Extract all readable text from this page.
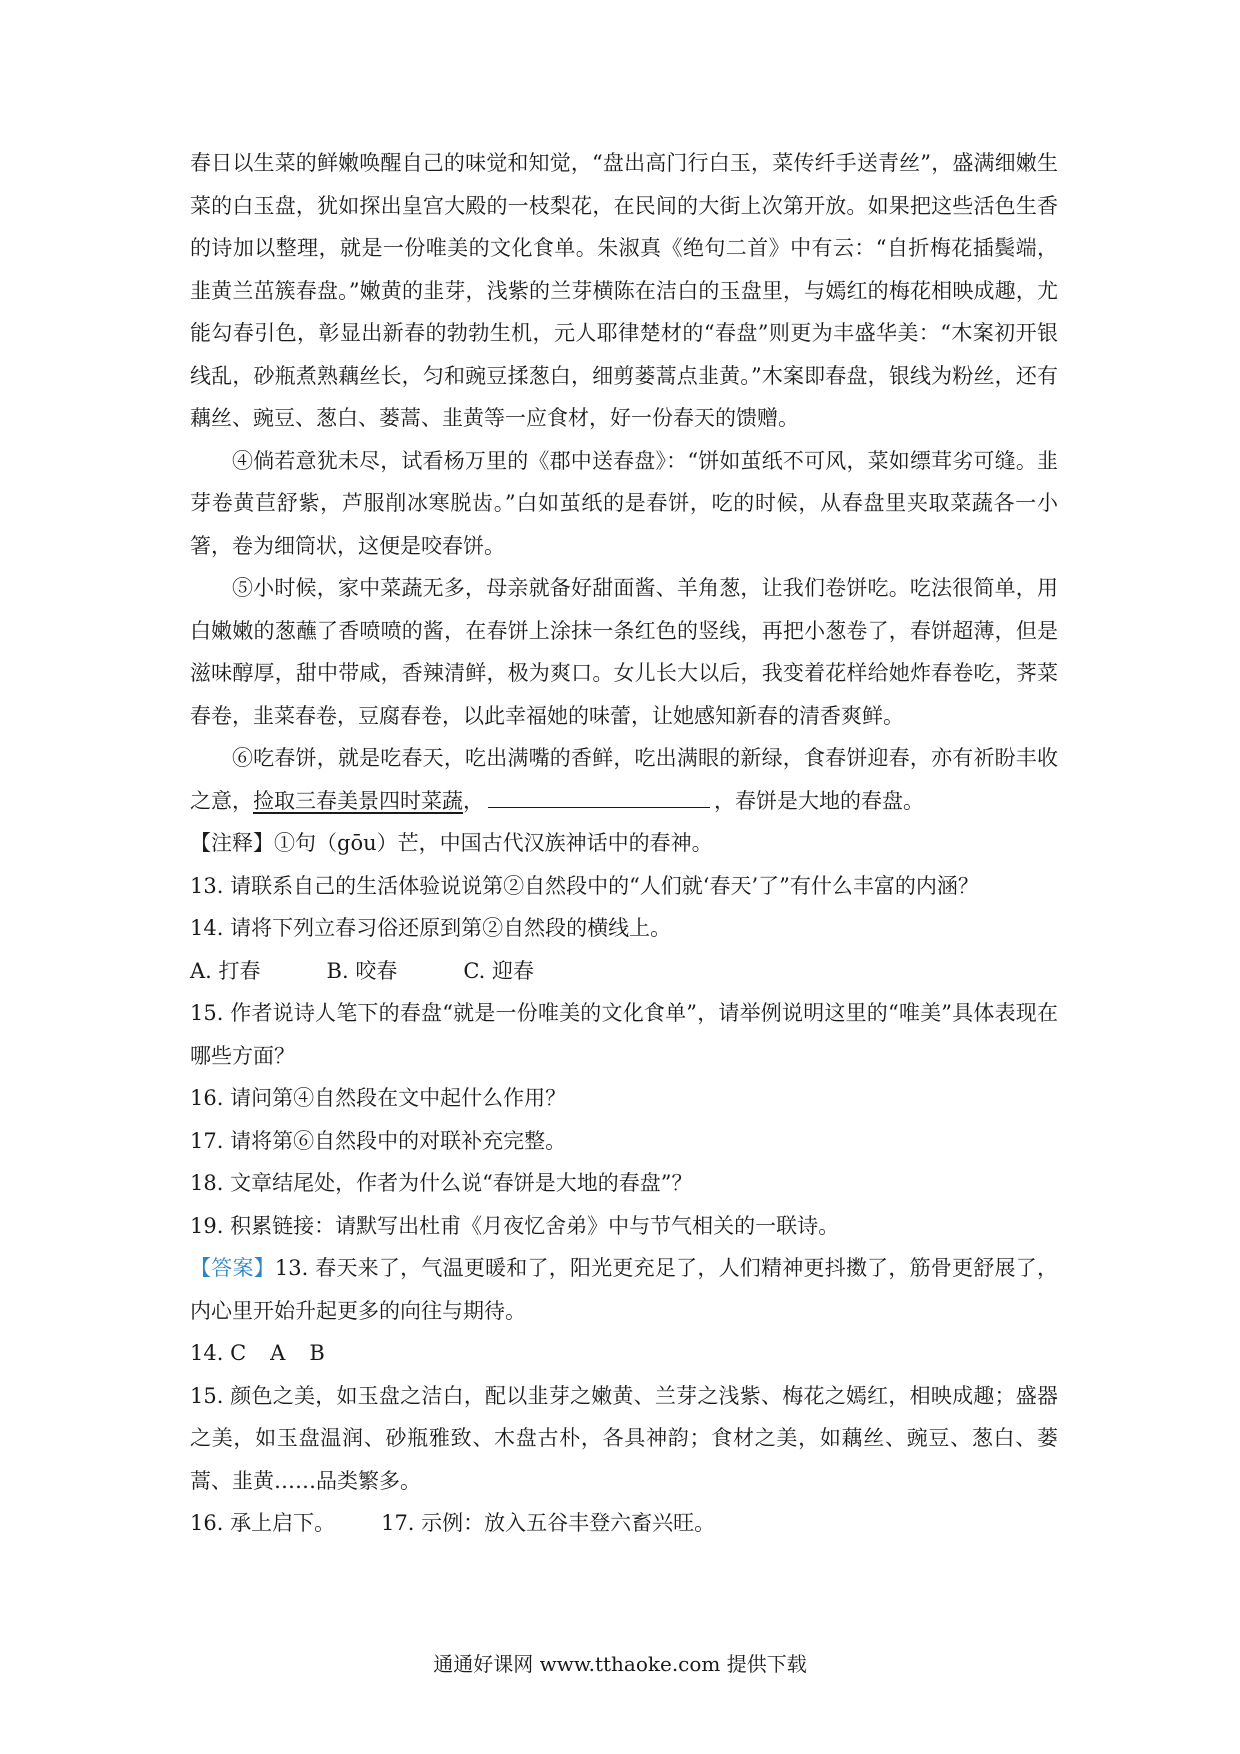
春日以生菜的鲜嫩唤醒自己的味觉和知觉，“盘出高门行白玉，菜传纤手送青丝”，盛满细嫩生菜的白玉盘，犹如探出皇宫大殿的一枝梨花，在民间的大街上次第开放。如果把这些活色生香的诗加以整理，就是一份唯美的文化食单。朱淑真《绝句二首》中有云：“自折梅花插鬓端，韭黄兰茁簇春盘。”嫩黄的韭芽，浅紫的兰芽横陈在洁白的玉盘里，与嫣红的梅花相映成趣，尤能勾春引色，彰显出新春的勃勃生机，元人耶律楚材的“春盘”则更为丰盛华美：“木案初开银线乱，砂瓶煮熟藕丝长，匀和豌豆揉葱白，细剪蒌蒿点韭黄。”木案即春盘，银线为粉丝，还有藕丝、豌豆、葱白、蒌蒿、韭黄等一应食材，好一份春天的馈赠。

④倘若意犹未尽，试看杨万里的《郡中送春盘》：“饼如茧纸不可风，菜如缥茸劣可缝。韭芽卷黄苣舒紫，芦服削冰寒脱齿。”白如茧纸的是春饼，吃的时候，从春盘里夹取菜蔬各一小箸，卷为细筒状，这便是咬春饼。

⑤小时候，家中菜蔬无多，母亲就备好甜面酱、羊角葱，让我们卷饼吃。吃法很简单，用白嫩嫩的葱蘸了香喷喷的酱，在春饼上涂抹一条红色的竖线，再把小葱卷了，春饼超薄，但是滋味醇厚，甜中带咸，香辣清鲜，极为爽口。女儿长大以后，我变着花样给她炸春卷吃，荠菜春卷，韭菜春卷，豆腐春卷，以此幸福她的味蕾，让她感知新春的清香爽鲜。

⑥吃春饼，就是吃春天，吃出满嘴的香鲜，吃出满眼的新绿，食春饼迎春，亦有祈盼丰收之意，捡取三春美景四时菜蔬，	，春饼是大地的春盘。

【注释】①句（gōu）芒，中国古代汉族神话中的春神。

13. 请联系自己的生活体验说说第②自然段中的“人们就‘春天’了”有什么丰富的内涵？

14. 请将下列立春习俗还原到第②自然段的横线上。

A. 打春	B. 咬春	C. 迎春

15. 作者说诗人笔下的春盘“就是一份唯美的文化食单”，请举例说明这里的“唯美”具体表现在哪些方面？

16. 请问第④自然段在文中起什么作用？

17. 请将第⑥自然段中的对联补充完整。

18. 文章结尾处，作者为什么说“春饼是大地的春盘”？

19. 积累链接：请默写出杜甫《月夜忆舍弟》中与节气相关的一联诗。

【答案】13. 春天来了，气温更暖和了，阳光更充足了，人们精神更抖擞了，筋骨更舒展了，内心里开始升起更多的向往与期待。

14. C A B

15. 颜色之美，如玉盘之洁白，配以韭芽之嫩黄、兰芽之浅紫、梅花之嫣红，相映成趣；盛器之美，如玉盘温润、砂瓶雅致、木盘古朴，各具神韵；食材之美，如藕丝、豌豆、葱白、蒌蒿、韭黄……品类繁多。

16. 承上启下。 17. 示例：放入五谷丰登六畜兴旺。

通通好课网 www.tthaoke.com 提供下载
